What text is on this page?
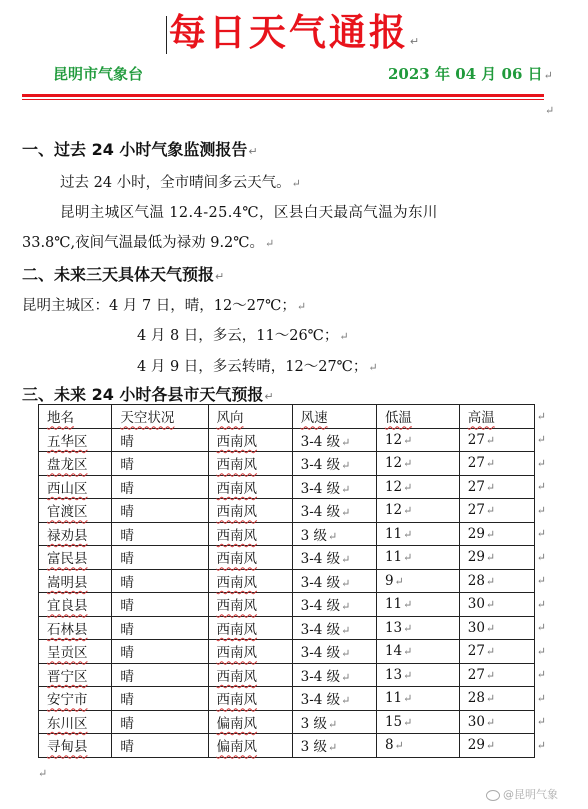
每日天气通报↵
昆明市气象台	2023 年 04 月 06 日↵
↵
一、过去 24 小时气象监测报告↵
过去 24 小时，全市晴间多云天气。↵
昆明主城区气温 12.4-25.4℃，区县白天最高气温为东川
33.8℃,夜间气温最低为禄劝 9.2℃。↵
二、未来三天具体天气预报↵
昆明主城区：4 月 7 日，晴，12～27℃；↵
4 月 8 日，多云，11～26℃；↵
4 月 9 日，多云转晴，12～27℃；↵
三、未来 24 小时各县市天气预报↵
地名	天空状况	风向	风速	低温	高温	↵
五华区	晴	西南风	3-4 级↵	12↵	27↵	↵
盘龙区	晴	西南风	3-4 级↵	12↵	27↵	↵
西山区	晴	西南风	3-4 级↵	12↵	27↵	↵
官渡区	晴	西南风	3-4 级↵	12↵	27↵	↵
禄劝县	晴	西南风	3 级↵	11↵	29↵	↵
富民县	晴	西南风	3-4 级↵	11↵	29↵	↵
嵩明县	晴	西南风	3-4 级↵	9↵	28↵	↵
宜良县	晴	西南风	3-4 级↵	11↵	30↵	↵
石林县	晴	西南风	3-4 级↵	13↵	30↵	↵
呈贡区	晴	西南风	3-4 级↵	14↵	27↵	↵
晋宁区	晴	西南风	3-4 级↵	13↵	27↵	↵
安宁市	晴	西南风	3-4 级↵	11↵	28↵	↵
东川区	晴	偏南风	3 级↵	15↵	30↵	↵
寻甸县	晴	偏南风	3 级↵	8↵	29↵	↵
↵
@昆明气象
